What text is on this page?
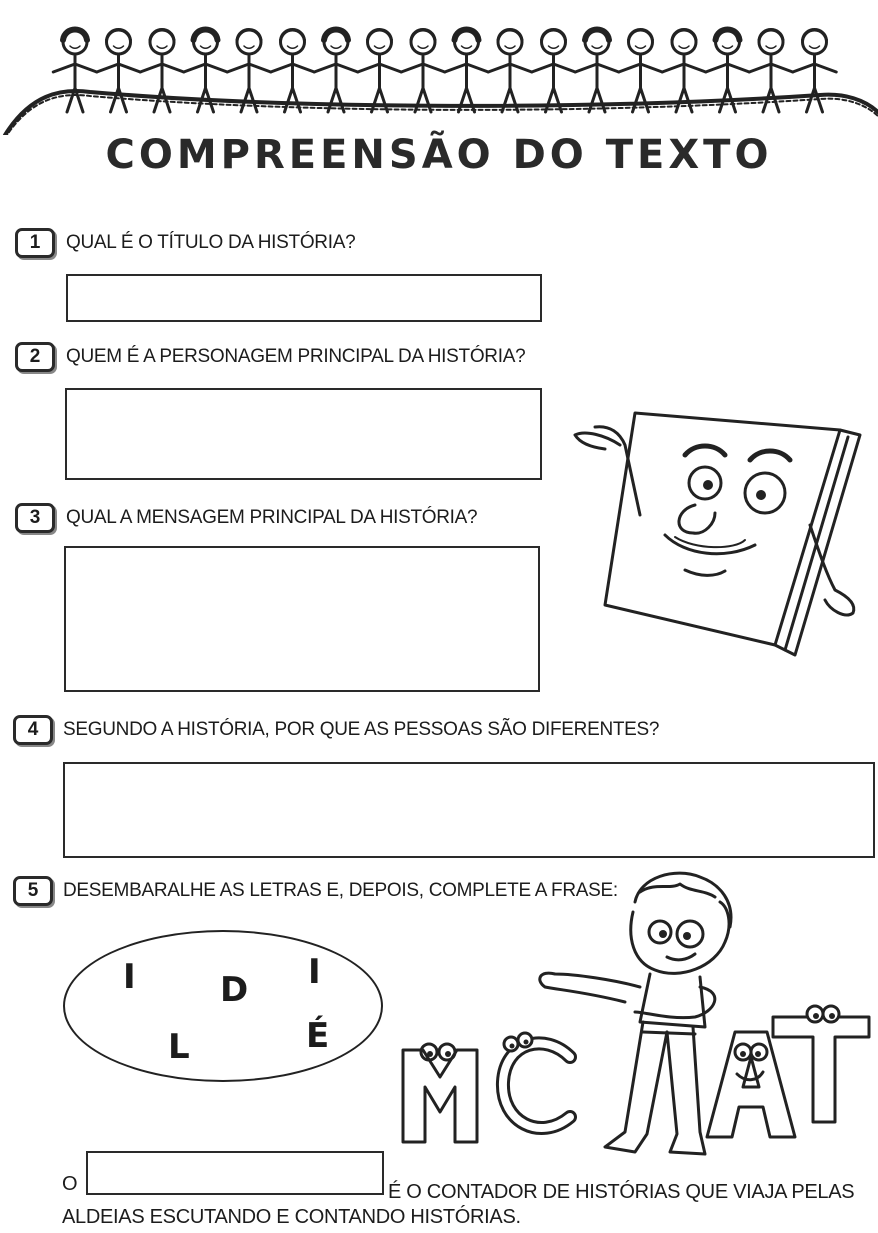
COMPREENSÃO DO TEXTO
1	QUAL É O TÍTULO DA HISTÓRIA?
2	QUEM É A PERSONAGEM PRINCIPAL DA HISTÓRIA?
3	QUAL A MENSAGEM PRINCIPAL DA HISTÓRIA?
4	SEGUNDO A HISTÓRIA, POR QUE AS PESSOAS SÃO DIFERENTES?
5	DESEMBARALHE AS LETRAS E, DEPOIS, COMPLETE A FRASE:
I D I
L	É
M	C	A	T
O	É O CONTADOR DE HISTÓRIAS QUE VIAJA PELAS
ALDEIAS ESCUTANDO E CONTANDO HISTÓRIAS.
